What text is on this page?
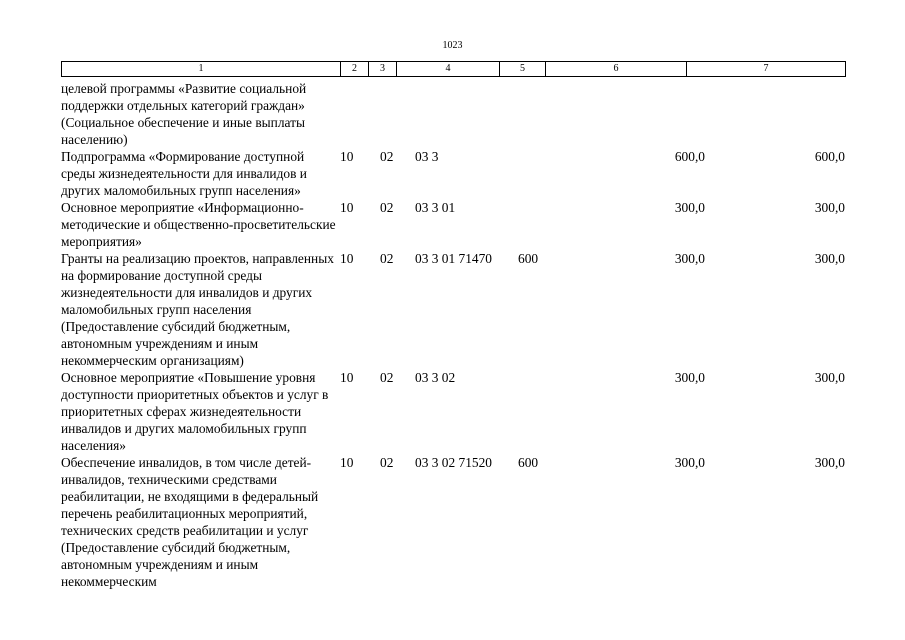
1023
1	2	3	4	5	6	7
целевой программы «Развитие социальной поддержки отдельных категорий граждан» (Социальное обеспечение и иные выплаты населению)						
Подпрограмма «Формирование доступной среды жизнедеятельности для инвалидов и других маломобильных групп населения»	10	02	03 3		600,0	600,0
Основное мероприятие «Информационно-методические и общественно-просветительские мероприятия»	10	02	03 3 01		300,0	300,0
Гранты на реализацию проектов, направленных на формирование доступной среды жизнедеятельности для инвалидов и других маломобильных групп населения (Предоставление субсидий бюджетным, автономным учреждениям и иным некоммерческим организациям)	10	02	03 3 01 71470	600	300,0	300,0
Основное мероприятие «Повышение уровня доступности приоритетных объектов и услуг в приоритетных сферах жизнедеятельности инвалидов и других маломобильных групп населения»	10	02	03 3 02		300,0	300,0
Обеспечение инвалидов, в том числе детей-инвалидов, техническими средствами реабилитации, не входящими в федеральный перечень реабилитационных мероприятий, технических средств реабилитации и услуг (Предоставление субсидий бюджетным, автономным учреждениям и иным некоммерческим	10	02	03 3 02 71520	600	300,0	300,0
